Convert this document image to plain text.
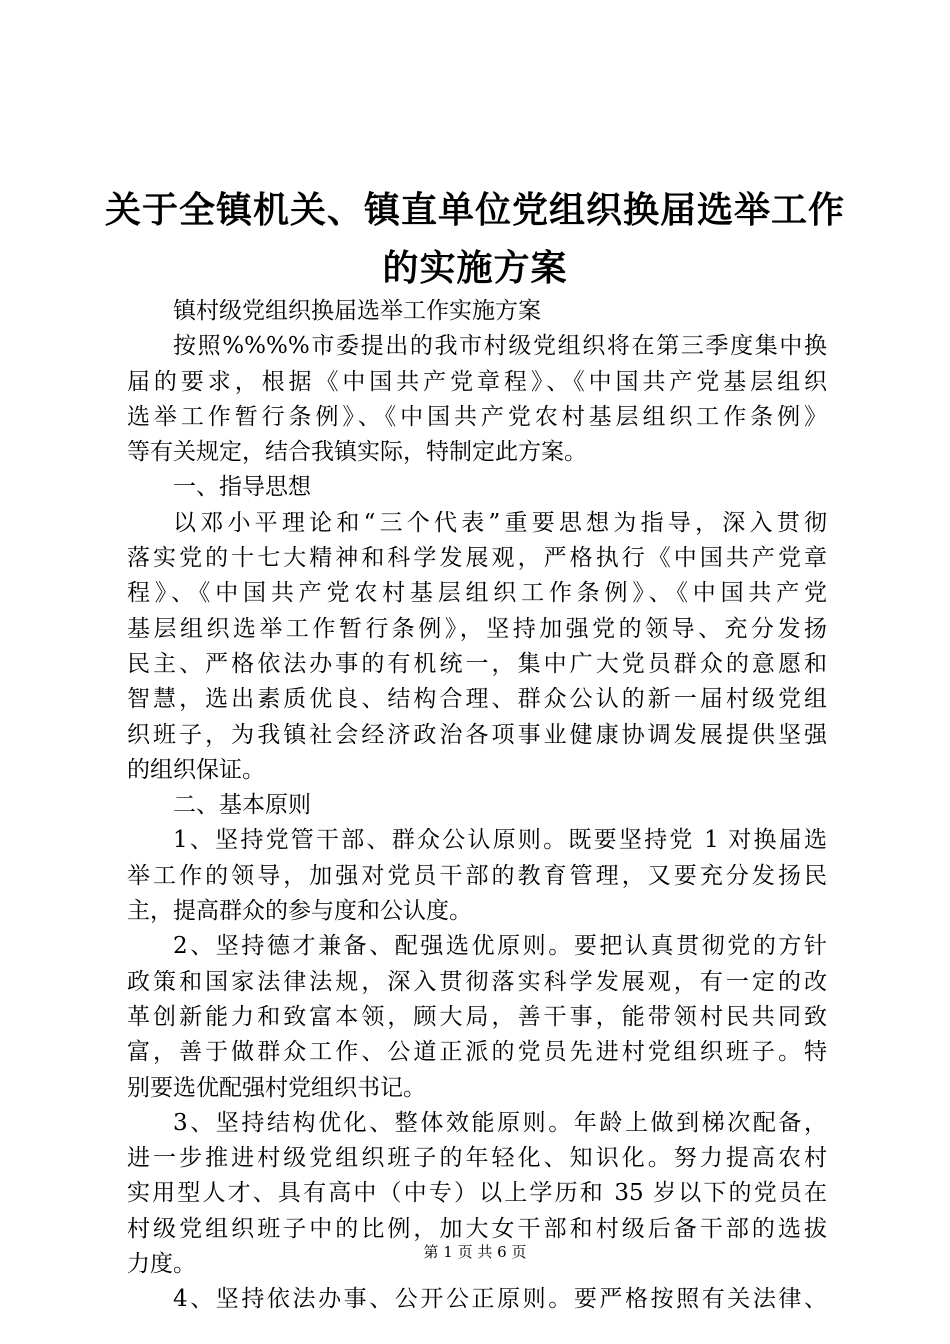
关于全镇机关、镇直单位党组织换届选举工作
的实施方案
镇村级党组织换届选举工作实施方案
按照%%%%市委提出的我市村级党组织将在第三季度集中换
届的要求，根据《中国共产党章程》、《中国共产党基层组织
选举工作暂行条例》、《中国共产党农村基层组织工作条例》
等有关规定，结合我镇实际，特制定此方案。
一、指导思想
以邓小平理论和“三个代表”重要思想为指导，深入贯彻
落实党的十七大精神和科学发展观，严格执行《中国共产党章
程》、《中国共产党农村基层组织工作条例》、《中国共产党
基层组织选举工作暂行条例》，坚持加强党的领导、充分发扬
民主、严格依法办事的有机统一，集中广大党员群众的意愿和
智慧，选出素质优良、结构合理、群众公认的新一届村级党组
织班子，为我镇社会经济政治各项事业健康协调发展提供坚强
的组织保证。
二、基本原则
1、坚持党管干部、群众公认原则。既要坚持党 1 对换届选
举工作的领导，加强对党员干部的教育管理，又要充分发扬民
主，提高群众的参与度和公认度。
2、坚持德才兼备、配强选优原则。要把认真贯彻党的方针
政策和国家法律法规，深入贯彻落实科学发展观，有一定的改
革创新能力和致富本领，顾大局，善干事，能带领村民共同致
富，善于做群众工作、公道正派的党员先进村党组织班子。特
别要选优配强村党组织书记。
3、坚持结构优化、整体效能原则。年龄上做到梯次配备，
进一步推进村级党组织班子的年轻化、知识化。努力提高农村
实用型人才、具有高中（中专）以上学历和 35 岁以下的党员在
村级党组织班子中的比例，加大女干部和村级后备干部的选拔
力度。
4、坚持依法办事、公开公正原则。要严格按照有关法律、
第 1 页 共 6 页
